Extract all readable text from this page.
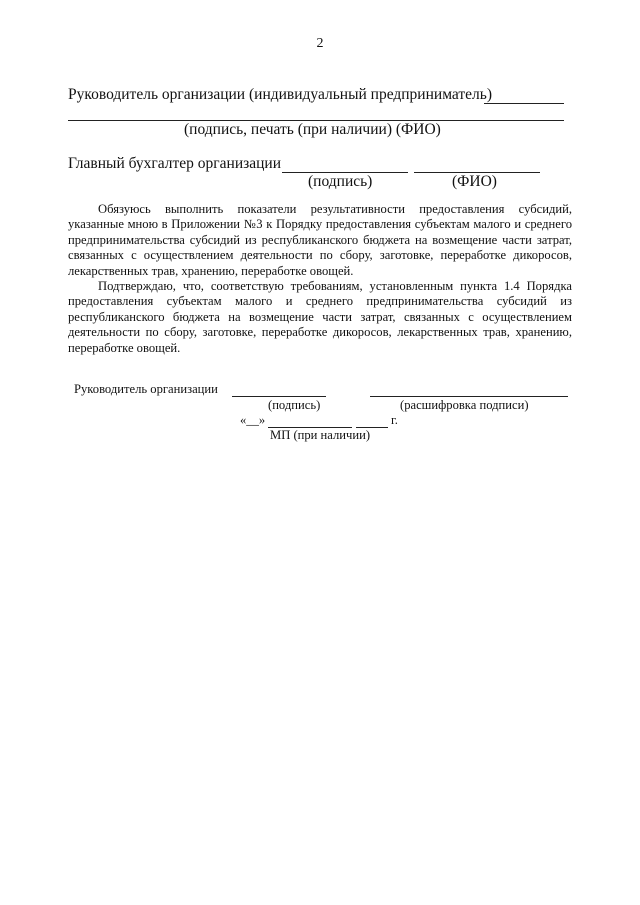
2
Руководитель организации (индивидуальный предприниматель)
(подпись, печать (при наличии) (ФИО)
Главный бухгалтер организации
(подпись)	(ФИО)
Обязуюсь выполнить показатели результативности предоставления субсидий, указанные мною в Приложении №3 к Порядку предоставления субъектам малого и среднего предпринимательства субсидий из республиканского бюджета на возмещение части затрат, связанных с осуществлением деятельности по сбору, заготовке, переработке дикоросов, лекарственных трав, хранению, переработке овощей.
Подтверждаю, что, соответствую требованиям, установленным пункта 1.4 Порядка предоставления субъектам малого и среднего предпринимательства субсидий из республиканского бюджета на возмещение части затрат, связанных с осуществлением деятельности по сбору, заготовке, переработке дикоросов, лекарственных трав, хранению, переработке овощей.
Руководитель организации
(подпись)	(расшифровка подписи)
«__»	г.
МП (при наличии)
